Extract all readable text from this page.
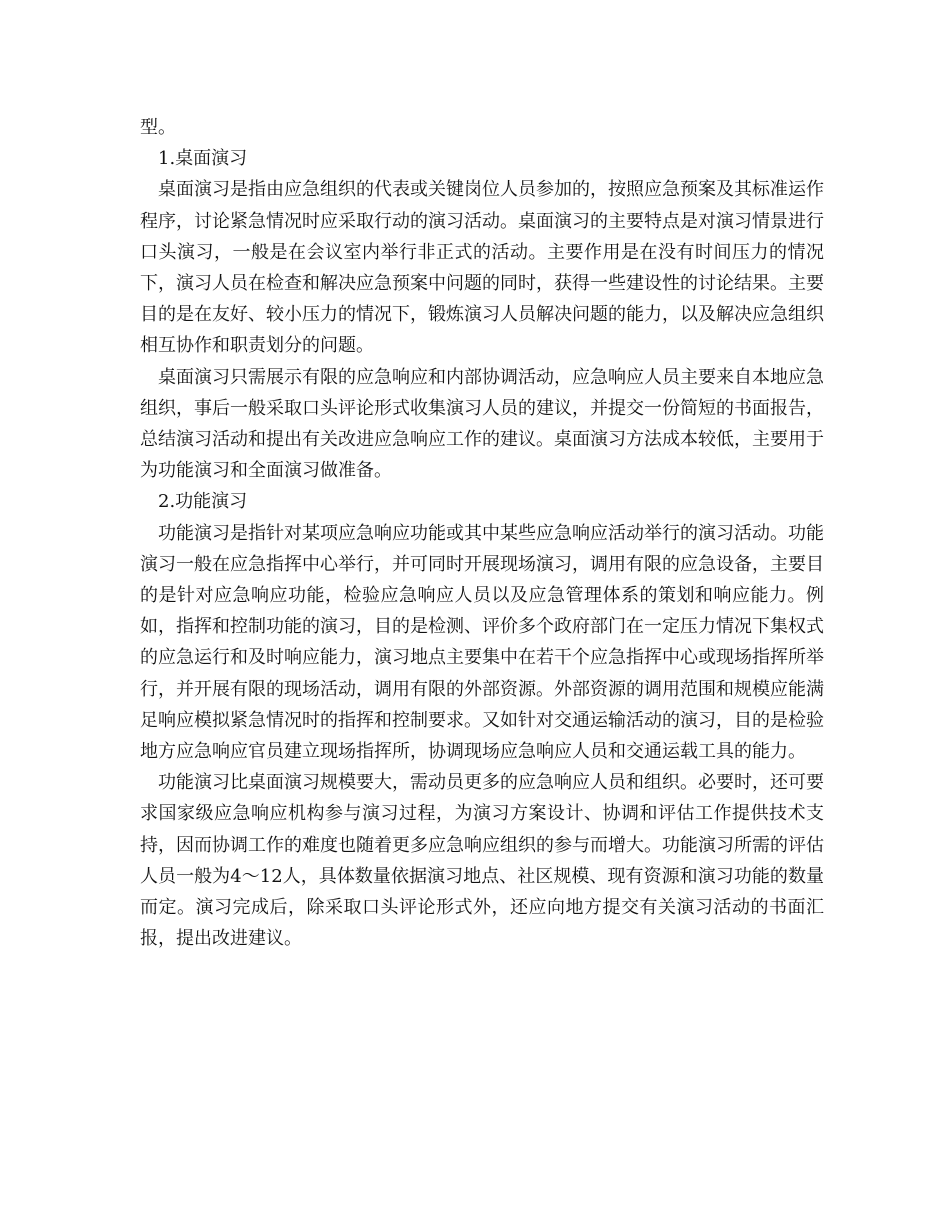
型。

1.桌面演习

桌面演习是指由应急组织的代表或关键岗位人员参加的，按照应急预案及其标准运作程序，讨论紧急情况时应采取行动的演习活动。桌面演习的主要特点是对演习情景进行口头演习，一般是在会议室内举行非正式的活动。主要作用是在没有时间压力的情况下，演习人员在检查和解决应急预案中问题的同时，获得一些建设性的讨论结果。主要目的是在友好、较小压力的情况下，锻炼演习人员解决问题的能力，以及解决应急组织相互协作和职责划分的问题。

桌面演习只需展示有限的应急响应和内部协调活动，应急响应人员主要来自本地应急组织，事后一般采取口头评论形式收集演习人员的建议，并提交一份简短的书面报告，总结演习活动和提出有关改进应急响应工作的建议。桌面演习方法成本较低，主要用于为功能演习和全面演习做准备。

2.功能演习

功能演习是指针对某项应急响应功能或其中某些应急响应活动举行的演习活动。功能演习一般在应急指挥中心举行，并可同时开展现场演习，调用有限的应急设备，主要目的是针对应急响应功能，检验应急响应人员以及应急管理体系的策划和响应能力。例如，指挥和控制功能的演习，目的是检测、评价多个政府部门在一定压力情况下集权式的应急运行和及时响应能力，演习地点主要集中在若干个应急指挥中心或现场指挥所举行，并开展有限的现场活动，调用有限的外部资源。外部资源的调用范围和规模应能满足响应模拟紧急情况时的指挥和控制要求。又如针对交通运输活动的演习，目的是检验地方应急响应官员建立现场指挥所，协调现场应急响应人员和交通运载工具的能力。

功能演习比桌面演习规模要大，需动员更多的应急响应人员和组织。必要时，还可要求国家级应急响应机构参与演习过程，为演习方案设计、协调和评估工作提供技术支持，因而协调工作的难度也随着更多应急响应组织的参与而增大。功能演习所需的评估人员一般为4～12人，具体数量依据演习地点、社区规模、现有资源和演习功能的数量而定。演习完成后，除采取口头评论形式外，还应向地方提交有关演习活动的书面汇报，提出改进建议。
